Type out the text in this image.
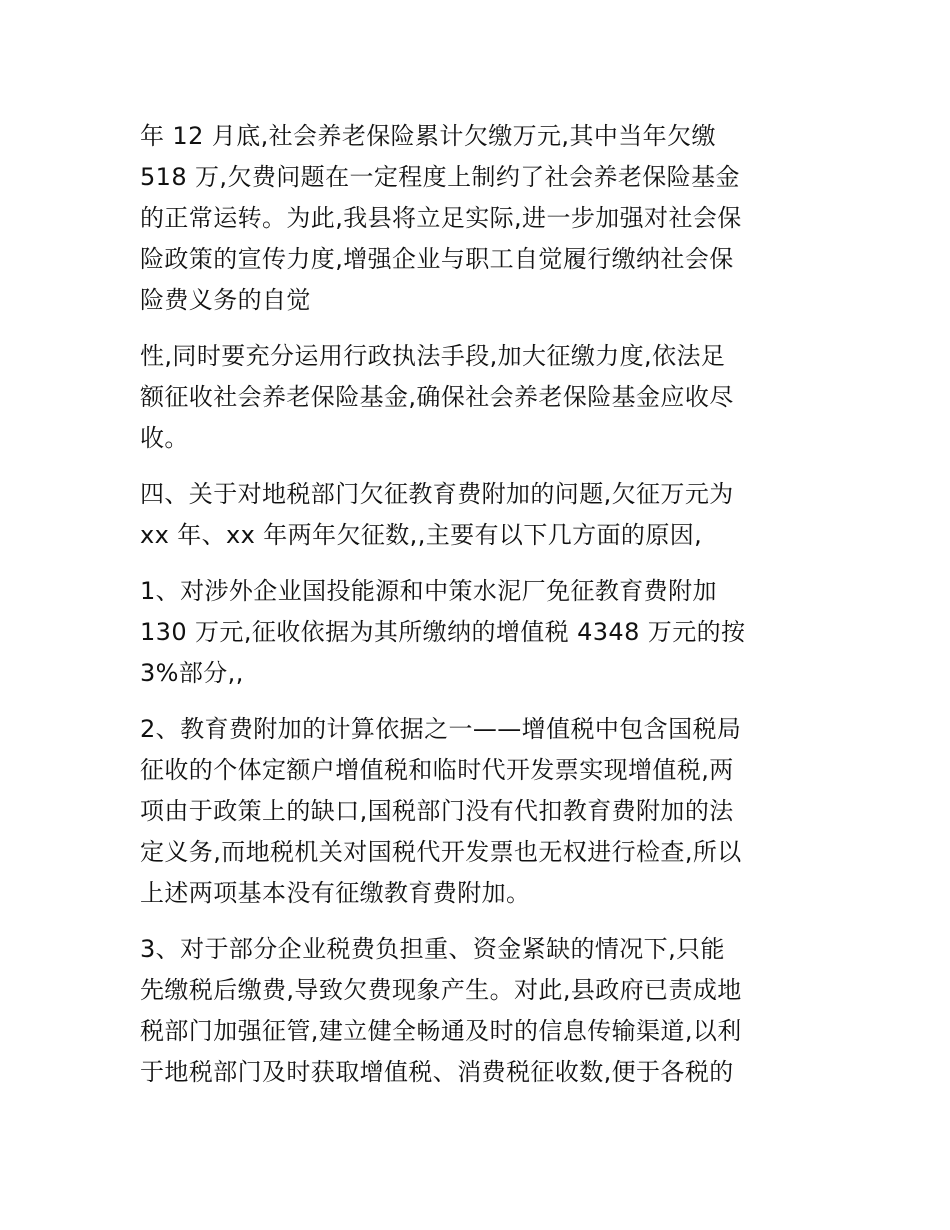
年 12 月底,社会养老保险累计欠缴万元,其中当年欠缴
518 万,欠费问题在一定程度上制约了社会养老保险基金
的正常运转。为此,我县将立足实际,进一步加强对社会保
险政策的宣传力度,增强企业与职工自觉履行缴纳社会保
险费义务的自觉

性,同时要充分运用行政执法手段,加大征缴力度,依法足
额征收社会养老保险基金,确保社会养老保险基金应收尽
收。

四、关于对地税部门欠征教育费附加的问题,欠征万元为
xx 年、xx 年两年欠征数,,主要有以下几方面的原因,

1、对涉外企业国投能源和中策水泥厂免征教育费附加
130 万元,征收依据为其所缴纳的增值税 4348 万元的按
3%部分,,

2、教育费附加的计算依据之一——增值税中包含国税局
征收的个体定额户增值税和临时代开发票实现增值税,两
项由于政策上的缺口,国税部门没有代扣教育费附加的法
定义务,而地税机关对国税代开发票也无权进行检查,所以
上述两项基本没有征缴教育费附加。

3、对于部分企业税费负担重、资金紧缺的情况下,只能
先缴税后缴费,导致欠费现象产生。对此,县政府已责成地
税部门加强征管,建立健全畅通及时的信息传输渠道,以利
于地税部门及时获取增值税、消费税征收数,便于各税的
